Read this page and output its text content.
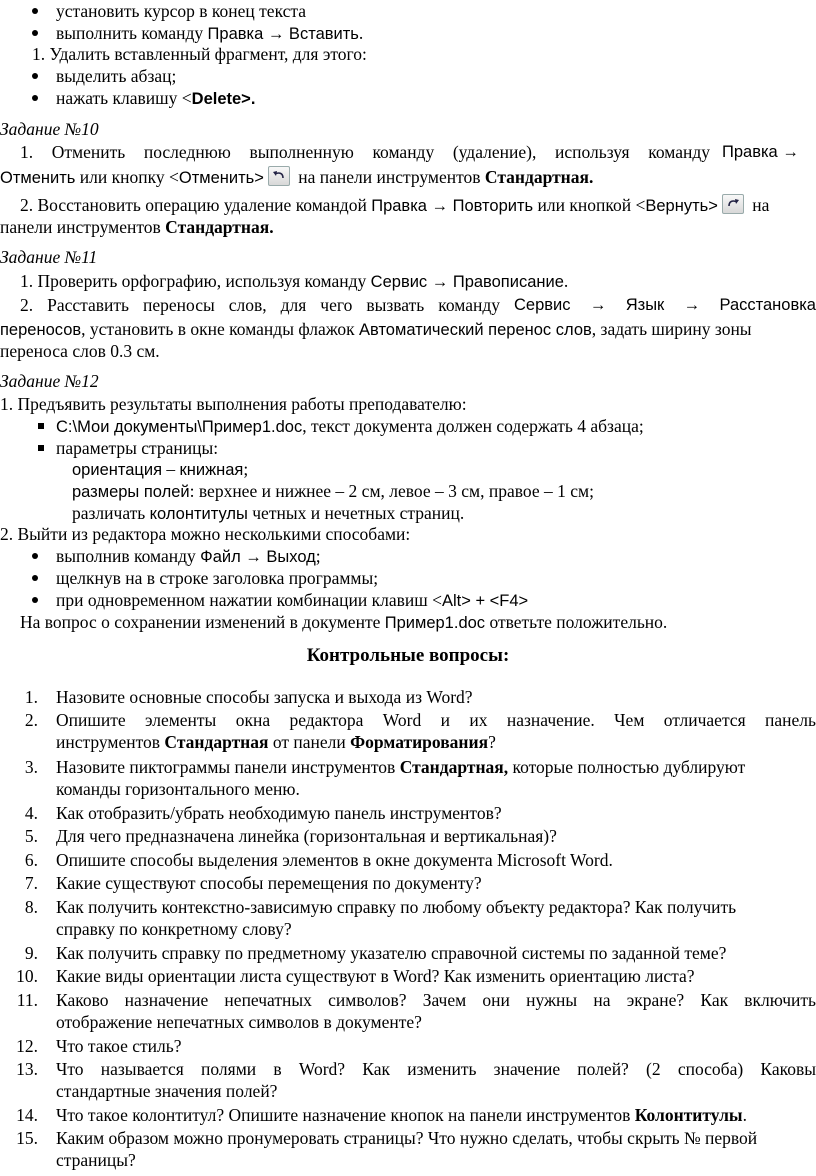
установить курсор в конец текста
выполнить команду Правка → Вставить.
1. Удалить вставленный фрагмент, для этого:
выделить абзац;
нажать клавишу <Delete>.
Задание №10
1. Отменить последнюю выполненную команду (удаление), используя команду Правка →
Отменить или кнопку <Отменить>
на панели инструментов Стандартная.
2. Восстановить операцию удаление командой Правка → Повторить или кнопкой <Вернуть>
на
панели инструментов Стандартная.
Задание №11
1. Проверить орфографию, используя команду Сервис → Правописание.
2. Расставить переносы слов, для чего вызвать команду Сервис → Язык → Расстановка
переносов, установить в окне команды флажок Автоматический перенос слов, задать ширину зоны
переноса слов 0.3 см.
Задание №12
1. Предъявить результаты выполнения работы преподавателю:
C:\Мои документы\Пример1.doc, текст документа должен содержать 4 абзаца;
параметры страницы:
ориентация – книжная;
размеры полей: верхнее и нижнее – 2 см, левое – 3 см, правое – 1 см;
различать колонтитулы четных и нечетных страниц.
2. Выйти из редактора можно несколькими способами:
выполнив команду Файл → Выход;
щелкнув на в строке заголовка программы;
при одновременном нажатии комбинации клавиш <Alt> + <F4>
На вопрос о сохранении изменений в документе Пример1.doc ответьте положительно.
Контрольные вопросы:
1. Назовите основные способы запуска и выхода из Word?
2. Опишите элементы окна редактора Word и их назначение. Чем отличается панель
инструментов Стандартная от панели Форматирования?
3. Назовите пиктограммы панели инструментов Стандартная, которые полностью дублируют
команды горизонтального меню.
4. Как отобразить/убрать необходимую панель инструментов?
5. Для чего предназначена линейка (горизонтальная и вертикальная)?
6. Опишите способы выделения элементов в окне документа Microsoft Word.
7. Какие существуют способы перемещения по документу?
8. Как получить контекстно-зависимую справку по любому объекту редактора? Как получить
справку по конкретному слову?
9. Как получить справку по предметному указателю справочной системы по заданной теме?
10. Какие виды ориентации листа существуют в Word? Как изменить ориентацию листа?
11. Каково назначение непечатных символов? Зачем они нужны на экране? Как включить
отображение непечатных символов в документе?
12. Что такое стиль?
13. Что называется полями в Word? Как изменить значение полей? (2 способа) Каковы
стандартные значения полей?
14. Что такое колонтитул? Опишите назначение кнопок на панели инструментов Колонтитулы.
15. Каким образом можно пронумеровать страницы? Что нужно сделать, чтобы скрыть № первой
страницы?
